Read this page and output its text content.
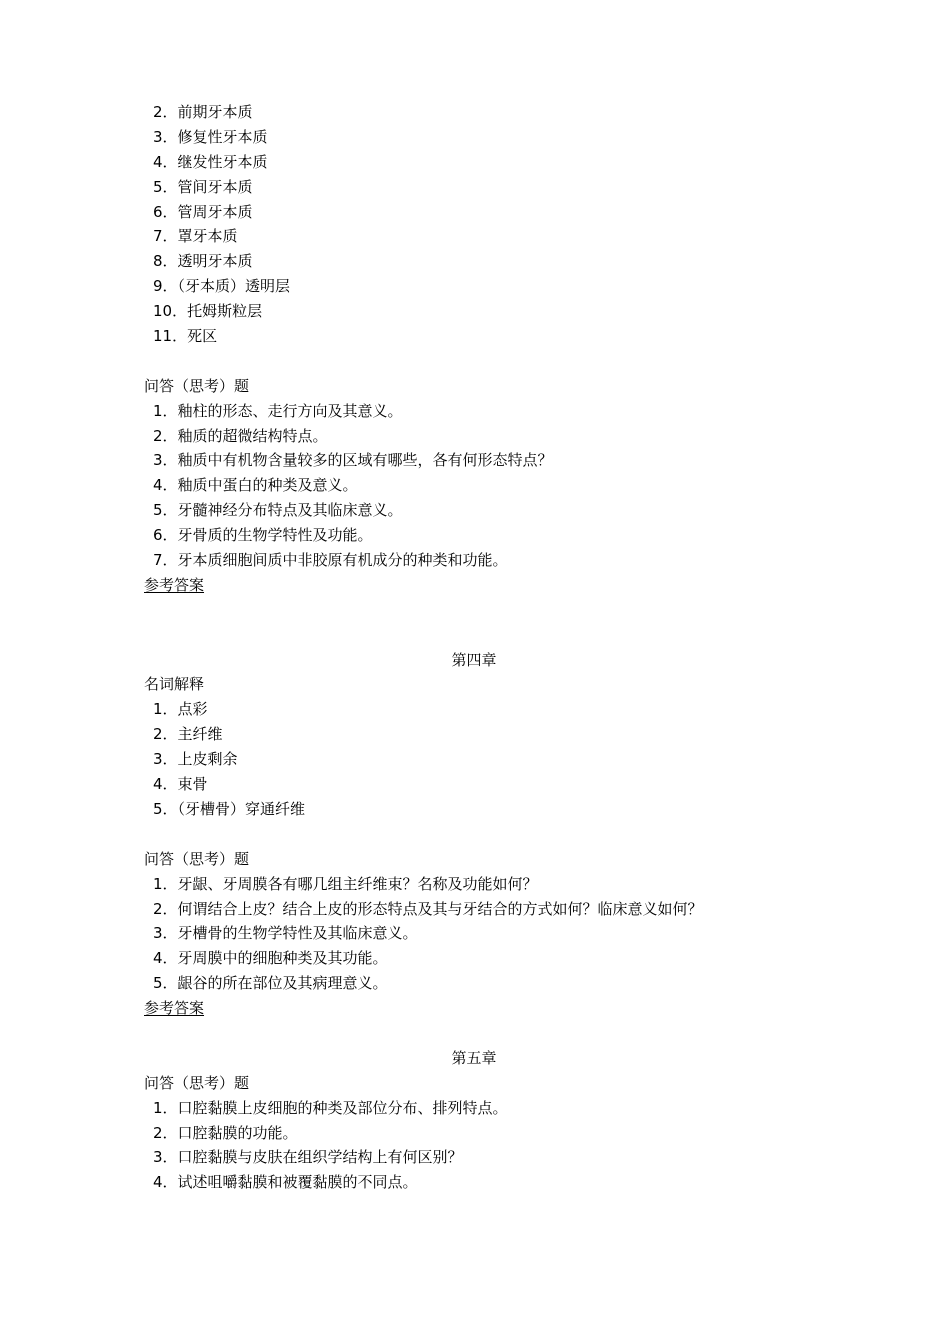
2．前期牙本质
3．修复性牙本质
4．继发性牙本质
5．管间牙本质
6．管周牙本质
7．罩牙本质
8．透明牙本质
9．（牙本质）透明层
10．托姆斯粒层
11．死区
问答（思考）题
1．釉柱的形态、走行方向及其意义。
2．釉质的超微结构特点。
3．釉质中有机物含量较多的区域有哪些，各有何形态特点？
4．釉质中蛋白的种类及意义。
5．牙髓神经分布特点及其临床意义。
6．牙骨质的生物学特性及功能。
7．牙本质细胞间质中非胶原有机成分的种类和功能。
参考答案
第四章
名词解释
1．点彩
2．主纤维
3．上皮剩余
4．束骨
5．（牙槽骨）穿通纤维
问答（思考）题
1．牙龈、牙周膜各有哪几组主纤维束？名称及功能如何？
2．何谓结合上皮？结合上皮的形态特点及其与牙结合的方式如何？临床意义如何？
3．牙槽骨的生物学特性及其临床意义。
4．牙周膜中的细胞种类及其功能。
5．龈谷的所在部位及其病理意义。
参考答案
第五章
问答（思考）题
1．口腔黏膜上皮细胞的种类及部位分布、排列特点。
2．口腔黏膜的功能。
3．口腔黏膜与皮肤在组织学结构上有何区别？
4．试述咀嚼黏膜和被覆黏膜的不同点。
